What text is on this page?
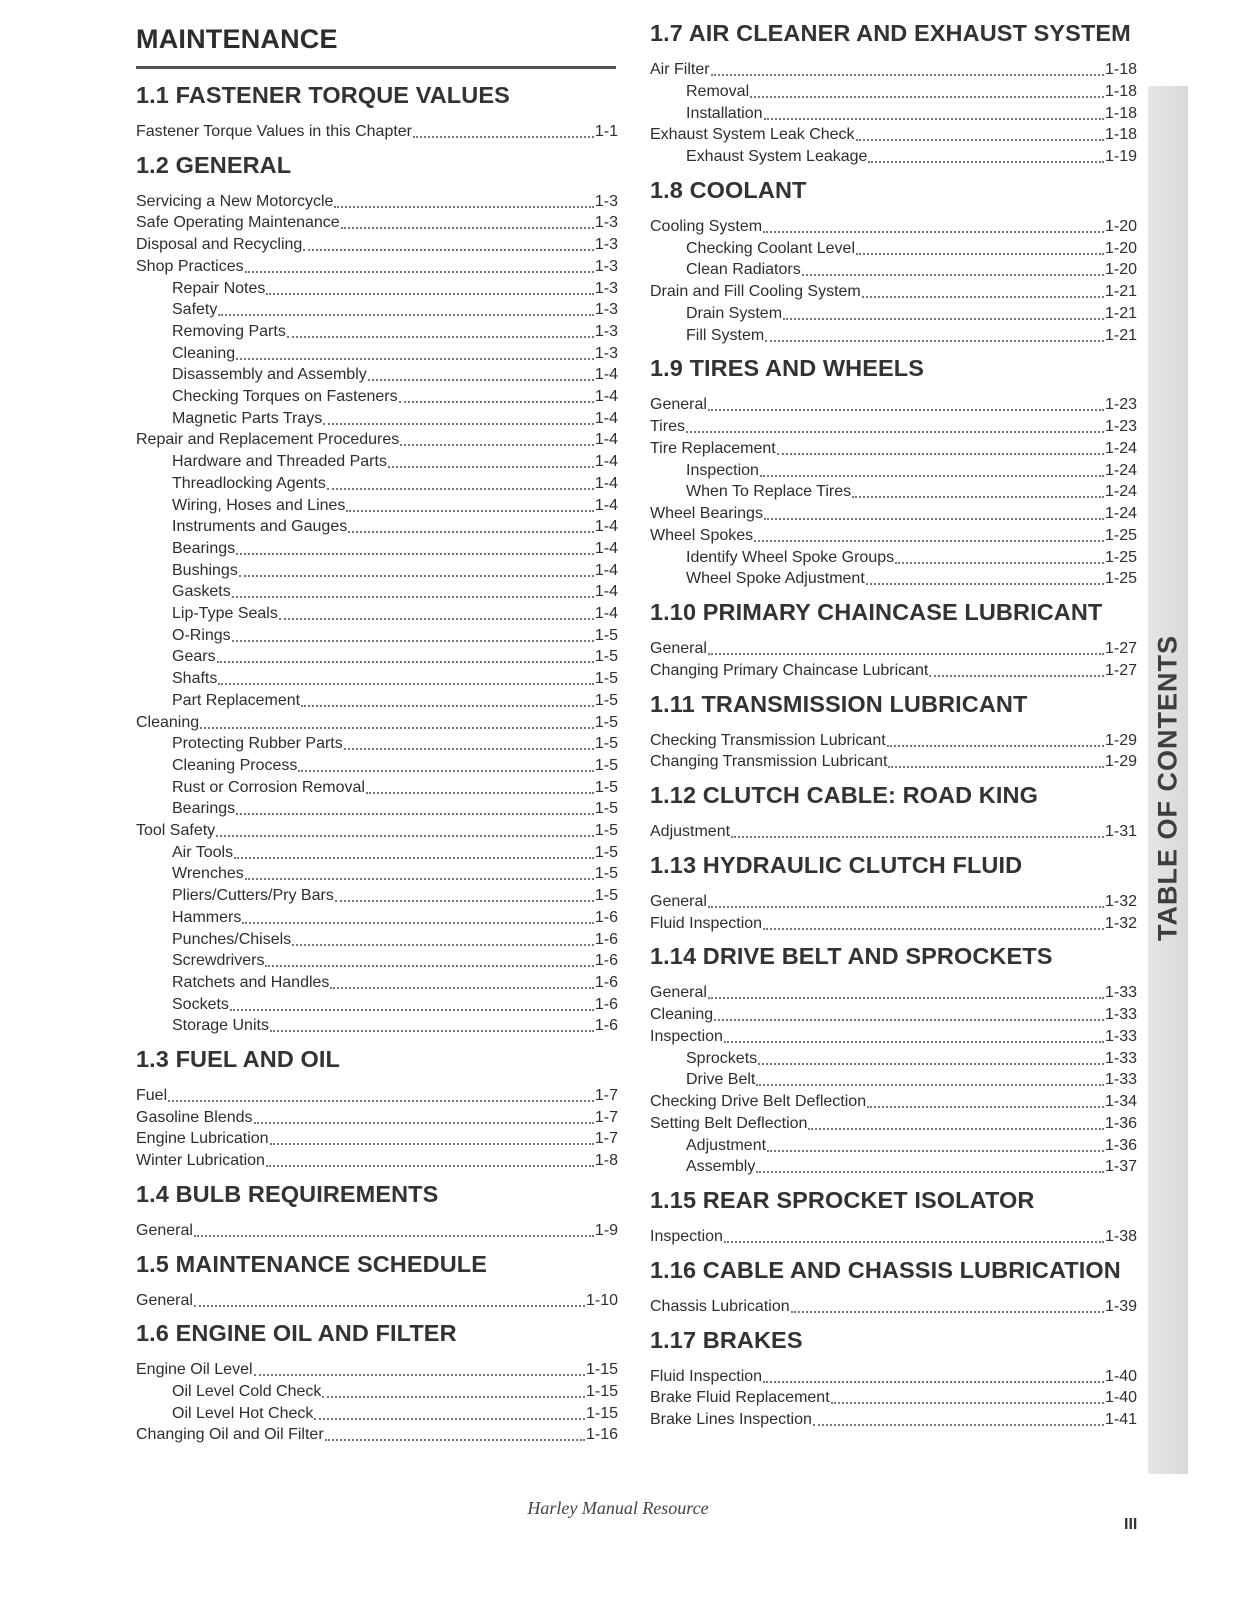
MAINTENANCE
1.1 FASTENER TORQUE VALUES
Fastener Torque Values in this Chapter	1-1
1.2 GENERAL
Servicing a New Motorcycle	1-3
Safe Operating Maintenance	1-3
Disposal and Recycling	1-3
Shop Practices	1-3
Repair Notes	1-3
Safety	1-3
Removing Parts	1-3
Cleaning	1-3
Disassembly and Assembly	1-4
Checking Torques on Fasteners	1-4
Magnetic Parts Trays	1-4
Repair and Replacement Procedures	1-4
Hardware and Threaded Parts	1-4
Threadlocking Agents	1-4
Wiring, Hoses and Lines	1-4
Instruments and Gauges	1-4
Bearings	1-4
Bushings	1-4
Gaskets	1-4
Lip-Type Seals	1-4
O-Rings	1-5
Gears	1-5
Shafts	1-5
Part Replacement	1-5
Cleaning	1-5
Protecting Rubber Parts	1-5
Cleaning Process	1-5
Rust or Corrosion Removal	1-5
Bearings	1-5
Tool Safety	1-5
Air Tools	1-5
Wrenches	1-5
Pliers/Cutters/Pry Bars	1-5
Hammers	1-6
Punches/Chisels	1-6
Screwdrivers	1-6
Ratchets and Handles	1-6
Sockets	1-6
Storage Units	1-6
1.3 FUEL AND OIL
Fuel	1-7
Gasoline Blends	1-7
Engine Lubrication	1-7
Winter Lubrication	1-8
1.4 BULB REQUIREMENTS
General	1-9
1.5 MAINTENANCE SCHEDULE
General	1-10
1.6 ENGINE OIL AND FILTER
Engine Oil Level	1-15
Oil Level Cold Check	1-15
Oil Level Hot Check	1-15
Changing Oil and Oil Filter	1-16
1.7 AIR CLEANER AND EXHAUST SYSTEM
Air Filter	1-18
Removal	1-18
Installation	1-18
Exhaust System Leak Check	1-18
Exhaust System Leakage	1-19
1.8 COOLANT
Cooling System	1-20
Checking Coolant Level	1-20
Clean Radiators	1-20
Drain and Fill Cooling System	1-21
Drain System	1-21
Fill System	1-21
1.9 TIRES AND WHEELS
General	1-23
Tires	1-23
Tire Replacement	1-24
Inspection	1-24
When To Replace Tires	1-24
Wheel Bearings	1-24
Wheel Spokes	1-25
Identify Wheel Spoke Groups	1-25
Wheel Spoke Adjustment	1-25
1.10 PRIMARY CHAINCASE LUBRICANT
General	1-27
Changing Primary Chaincase Lubricant	1-27
1.11 TRANSMISSION LUBRICANT
Checking Transmission Lubricant	1-29
Changing Transmission Lubricant	1-29
1.12 CLUTCH CABLE: ROAD KING
Adjustment	1-31
1.13 HYDRAULIC CLUTCH FLUID
General	1-32
Fluid Inspection	1-32
1.14 DRIVE BELT AND SPROCKETS
General	1-33
Cleaning	1-33
Inspection	1-33
Sprockets	1-33
Drive Belt	1-33
Checking Drive Belt Deflection	1-34
Setting Belt Deflection	1-36
Adjustment	1-36
Assembly	1-37
1.15 REAR SPROCKET ISOLATOR
Inspection	1-38
1.16 CABLE AND CHASSIS LUBRICATION
Chassis Lubrication	1-39
1.17 BRAKES
Fluid Inspection	1-40
Brake Fluid Replacement	1-40
Brake Lines Inspection	1-41
TABLE OF CONTENTS
Harley Manual Resource
III
